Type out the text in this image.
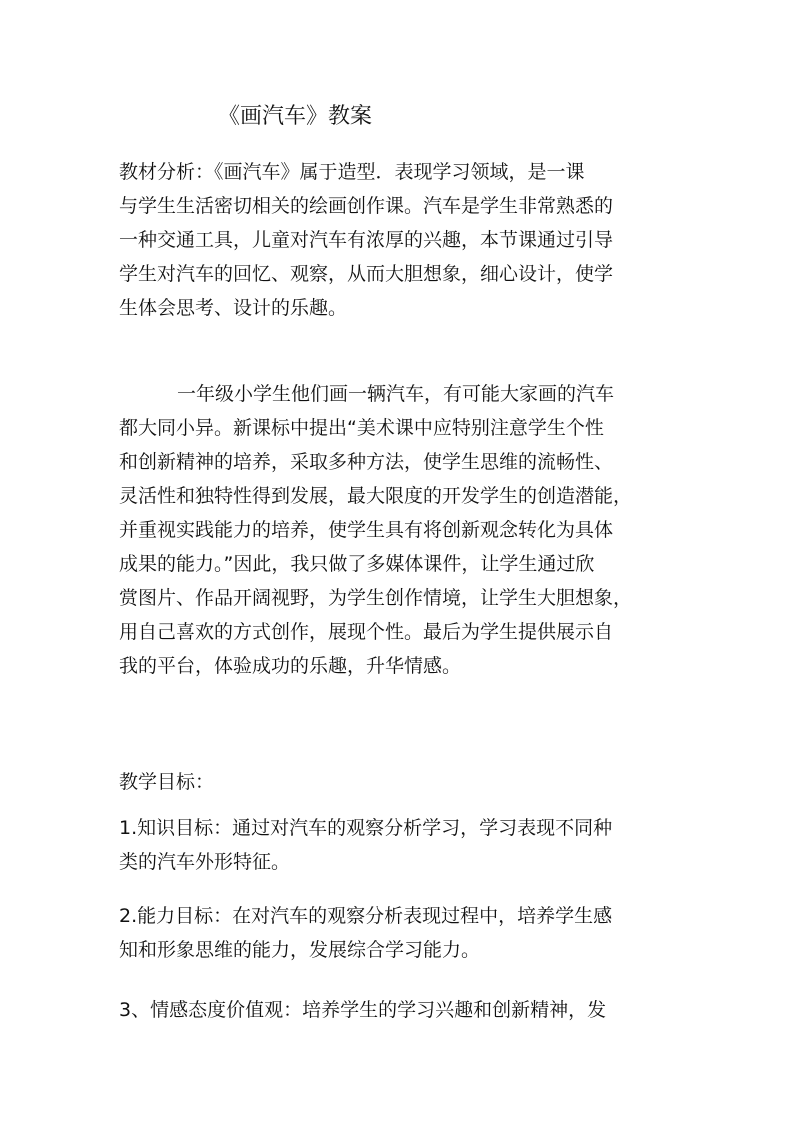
《画汽车》教案
教材分析：《画汽车》属于造型．表现学习领域，是一课
与学生生活密切相关的绘画创作课。汽车是学生非常熟悉的
一种交通工具，儿童对汽车有浓厚的兴趣，本节课通过引导
学生对汽车的回忆、观察，从而大胆想象，细心设计，使学
生体会思考、设计的乐趣。
一年级小学生他们画一辆汽车，有可能大家画的汽车
都大同小异。新课标中提出“美术课中应特别注意学生个性
和创新精神的培养，采取多种方法，使学生思维的流畅性、
灵活性和独特性得到发展，最大限度的开发学生的创造潜能，
并重视实践能力的培养，使学生具有将创新观念转化为具体
成果的能力。”因此，我只做了多媒体课件，让学生通过欣
赏图片、作品开阔视野，为学生创作情境，让学生大胆想象，
用自己喜欢的方式创作，展现个性。最后为学生提供展示自
我的平台，体验成功的乐趣，升华情感。
教学目标：
1.知识目标：通过对汽车的观察分析学习，学习表现不同种
类的汽车外形特征。
2.能力目标：在对汽车的观察分析表现过程中，培养学生感
知和形象思维的能力，发展综合学习能力。
3、情感态度价值观：培养学生的学习兴趣和创新精神，发
